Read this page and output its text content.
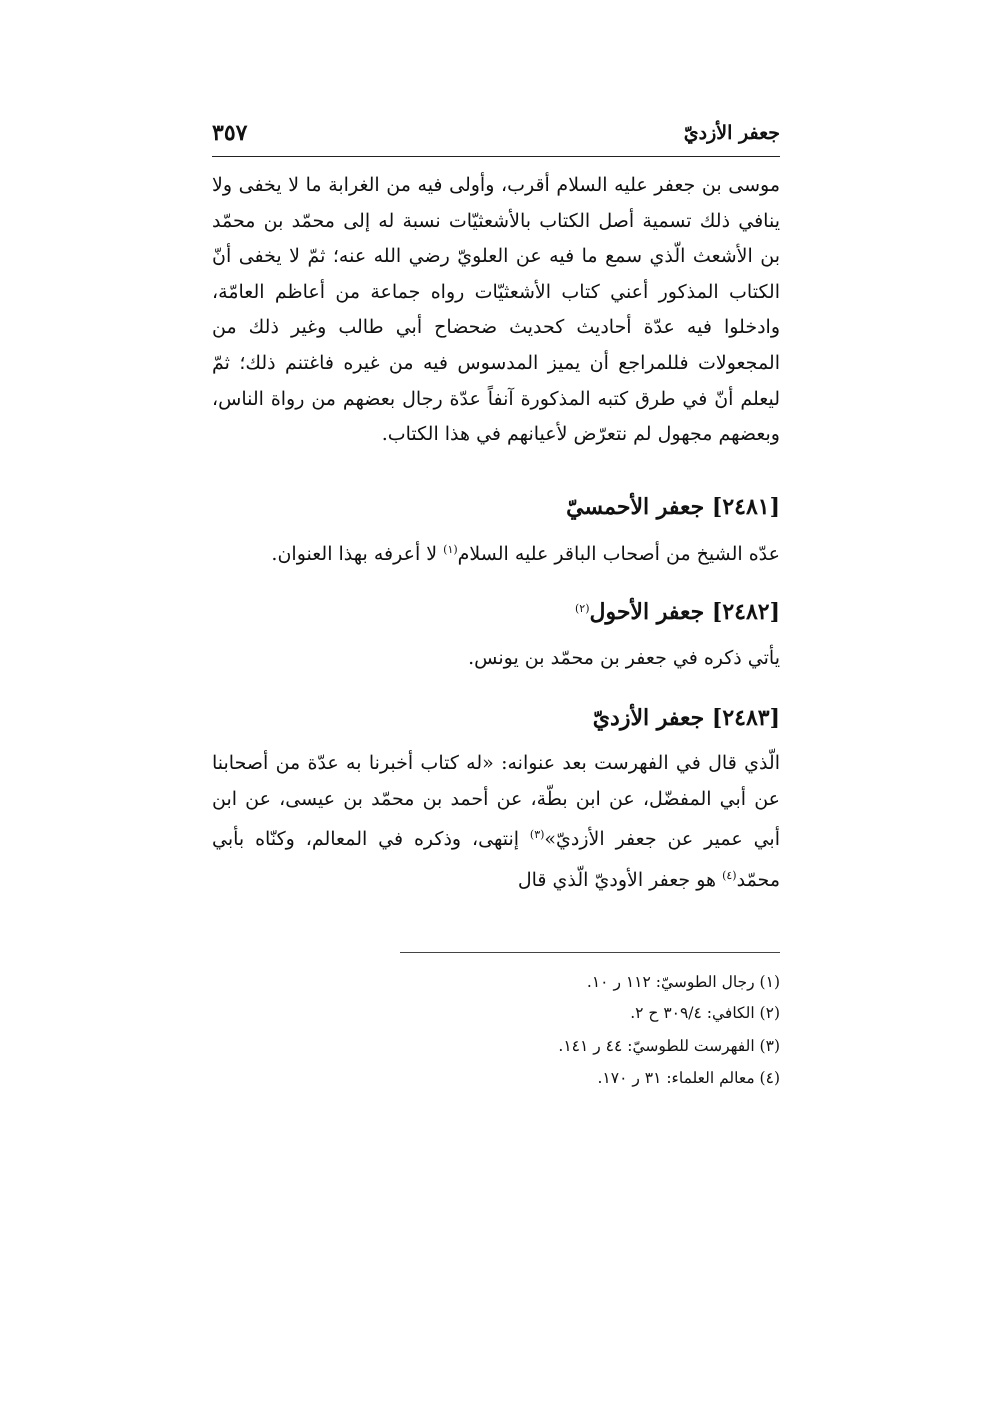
جعفر الأزديّ
٣٥٧
موسى بن جعفر عليه السلام أقرب، وأولى فيه من الغرابة ما لا يخفى ولا ينافي ذلك تسمية أصل الكتاب بالأشعثيّات نسبة له إلى محمّد بن محمّد بن الأشعث الّذي سمع ما فيه عن العلويّ رضي الله عنه؛ ثمّ لا يخفى أنّ الكتاب المذكور أعني كتاب الأشعثيّات رواه جماعة من أعاظم العامّة، وادخلوا فيه عدّة أحاديث كحديث ضحضاح أبي طالب وغير ذلك من المجعولات فللمراجع أن يميز المدسوس فيه من غيره فاغتنم ذلك؛ ثمّ ليعلم أنّ في طرق كتبه المذكورة آنفاً عدّة رجال بعضهم من رواة الناس، وبعضهم مجهول لم نتعرّض لأعيانهم في هذا الكتاب.
[٢٤٨١] جعفر الأحمسيّ
عدّه الشيخ من أصحاب الباقر عليه السلام$^{(١)}$ لا أعرفه بهذا العنوان.
[٢٤٨٢] جعفر الأحول$^{(٢)}$
يأتي ذكره في جعفر بن محمّد بن يونس.
[٢٤٨٣] جعفر الأزديّ
الّذي قال في الفهرست بعد عنوانه: «له كتاب أخبرنا به عدّة من أصحابنا عن أبي المفضّل، عن ابن بطّة، عن أحمد بن محمّد بن عيسى، عن ابن أبي عمير عن جعفر الأزديّ»$^{(٣)}$ إنتهى، وذكره في المعالم، وكنّاه بأبي محمّد$^{(٤)}$ هو جعفر الأوديّ الّذي قال
(١) رجال الطوسيّ: ١١٢ ر ١٠.
(٢) الكافي: ٣٠٩/٤ ح ٢.
(٣) الفهرست للطوسيّ: ٤٤ ر ١٤١.
(٤) معالم العلماء: ٣١ ر ١٧٠.
